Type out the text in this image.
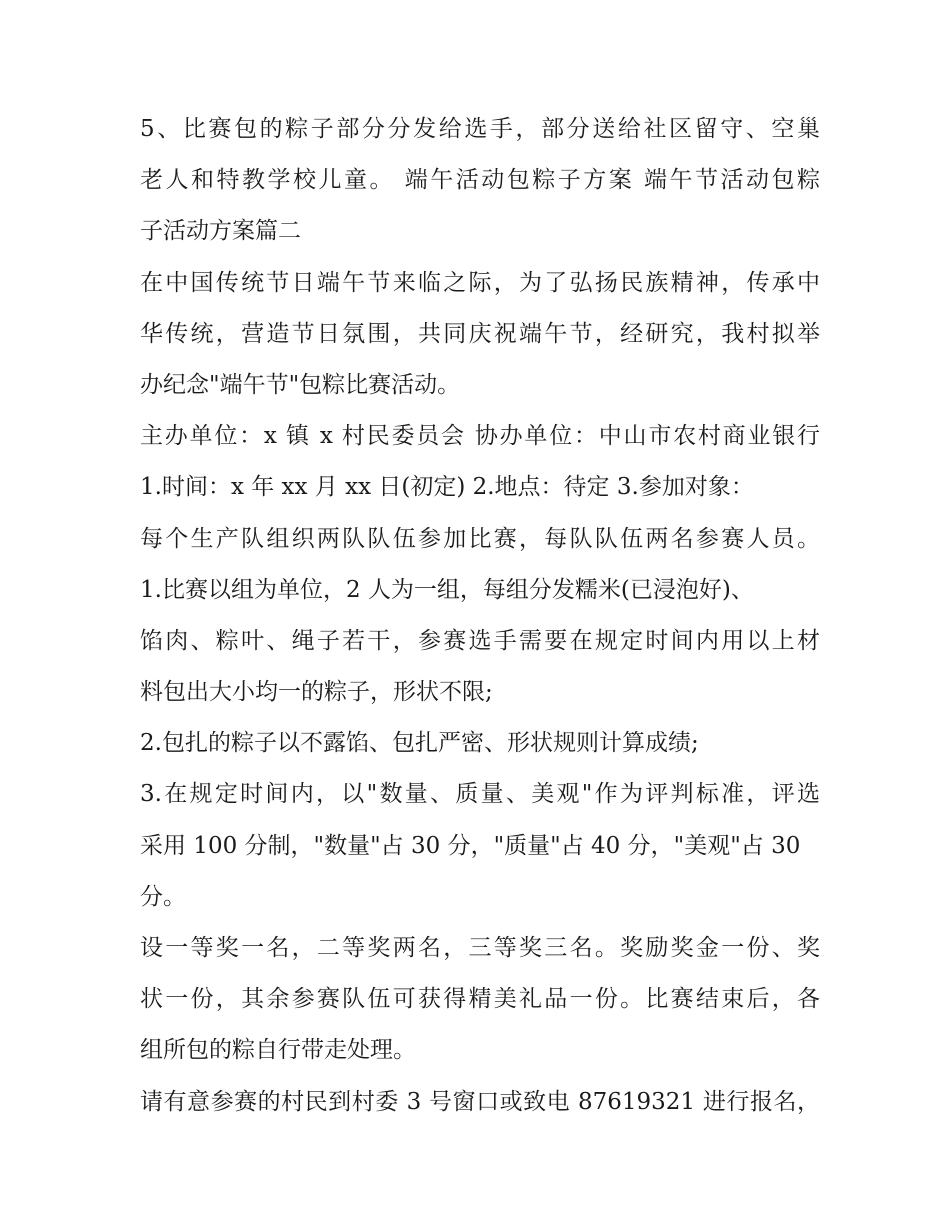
5、比赛包的粽子部分分发给选手，部分送给社区留守、空巢
老人和特教学校儿童。 端午活动包粽子方案 端午节活动包粽
子活动方案篇二
在中国传统节日端午节来临之际，为了弘扬民族精神，传承中
华传统，营造节日氛围，共同庆祝端午节，经研究，我村拟举
办纪念"端午节"包粽比赛活动。
主办单位：x 镇 x 村民委员会 协办单位：中山市农村商业银行
1.时间：x 年 xx 月 xx 日(初定) 2.地点：待定 3.参加对象：
每个生产队组织两队队伍参加比赛，每队队伍两名参赛人员。
1.比赛以组为单位，2 人为一组，每组分发糯米(已浸泡好)、
馅肉、粽叶、绳子若干，参赛选手需要在规定时间内用以上材
料包出大小均一的粽子，形状不限;
2.包扎的粽子以不露馅、包扎严密、形状规则计算成绩;
3.在规定时间内，以"数量、质量、美观"作为评判标准，评选
采用 100 分制，"数量"占 30 分，"质量"占 40 分，"美观"占 30
分。
设一等奖一名，二等奖两名，三等奖三名。奖励奖金一份、奖
状一份，其余参赛队伍可获得精美礼品一份。比赛结束后，各
组所包的粽自行带走处理。
请有意参赛的村民到村委 3 号窗口或致电 87619321 进行报名，
